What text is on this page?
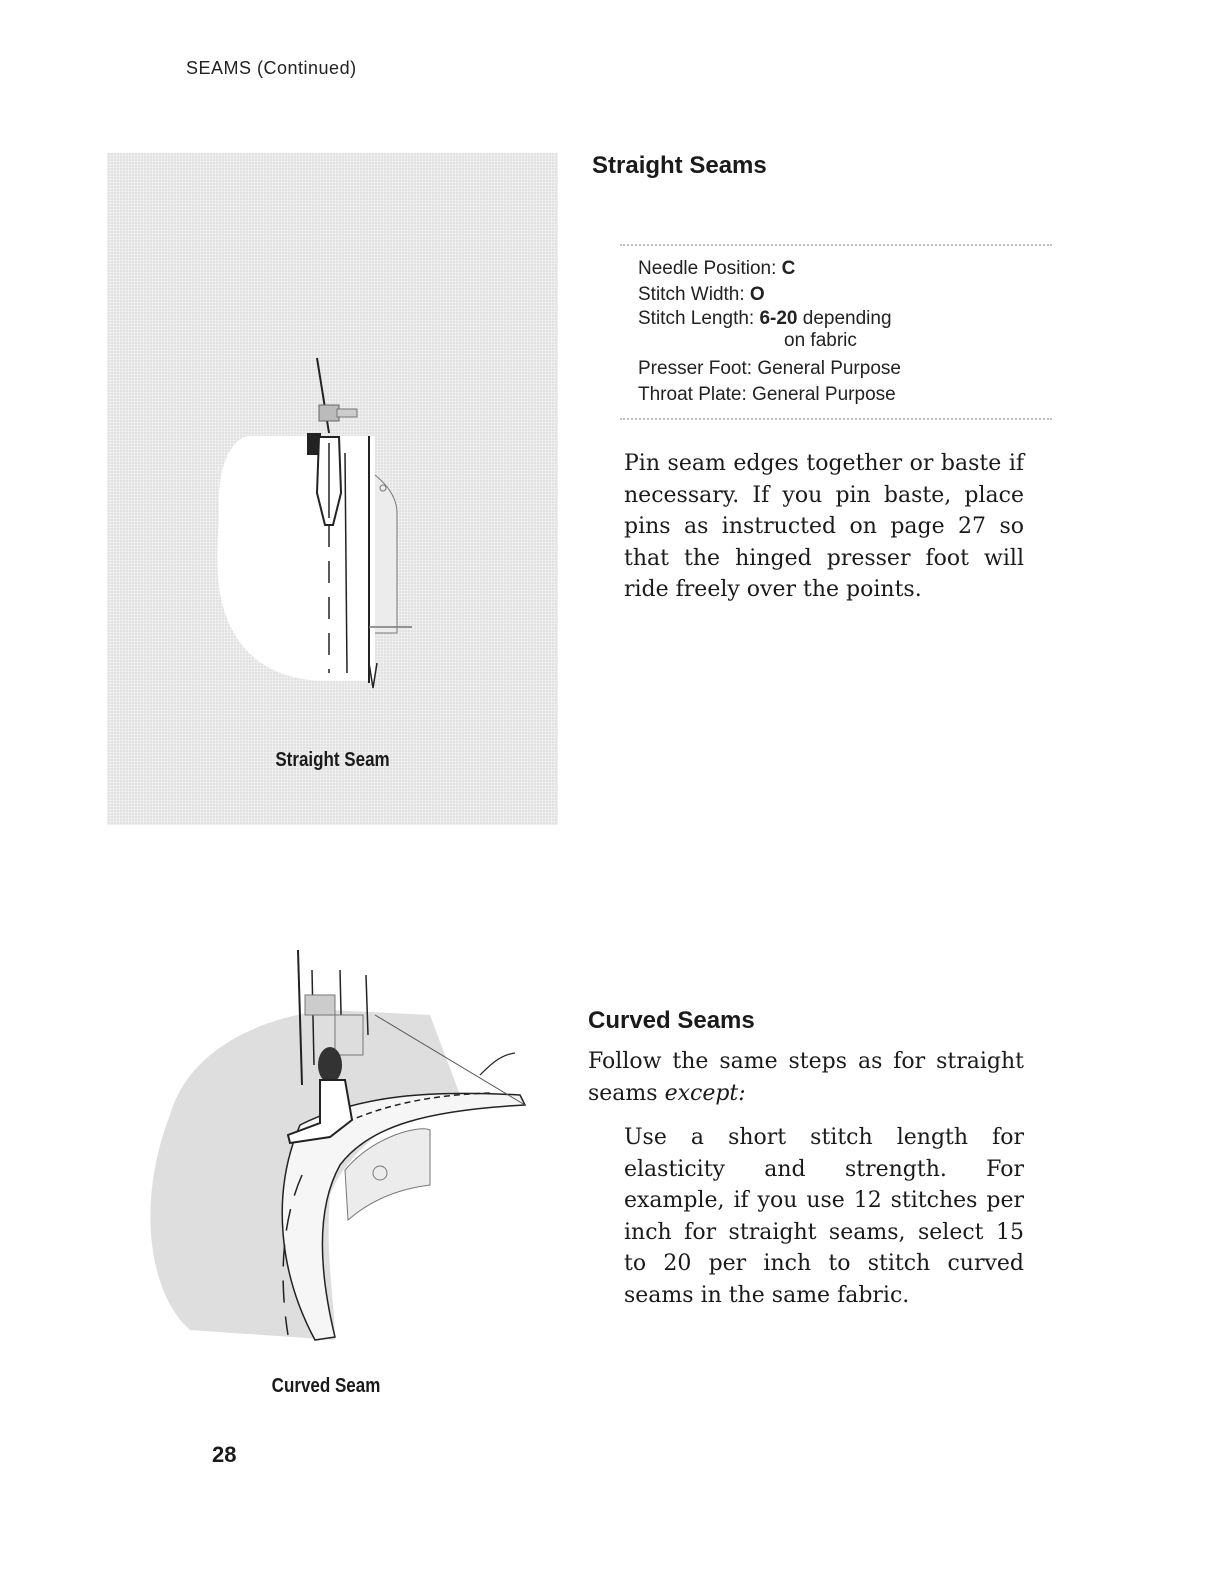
SEAMS (Continued)
Straight Seam
Straight Seams
Needle Position: C
Stitch Width: O
Stitch Length: 6-20 depending
on fabric
Presser Foot: General Purpose
Throat Plate: General Purpose
Pin seam edges together or baste if necessary. If you pin baste, place pins as instructed on page 27 so that the hinged presser foot will ride freely over the points.
Curved Seam
Curved Seams
Follow the same steps as for straight seams except:
Use a short stitch length for elasticity and strength. For example, if you use 12 stitches per inch for straight seams, select 15 to 20 per inch to stitch curved seams in the same fabric.
28
